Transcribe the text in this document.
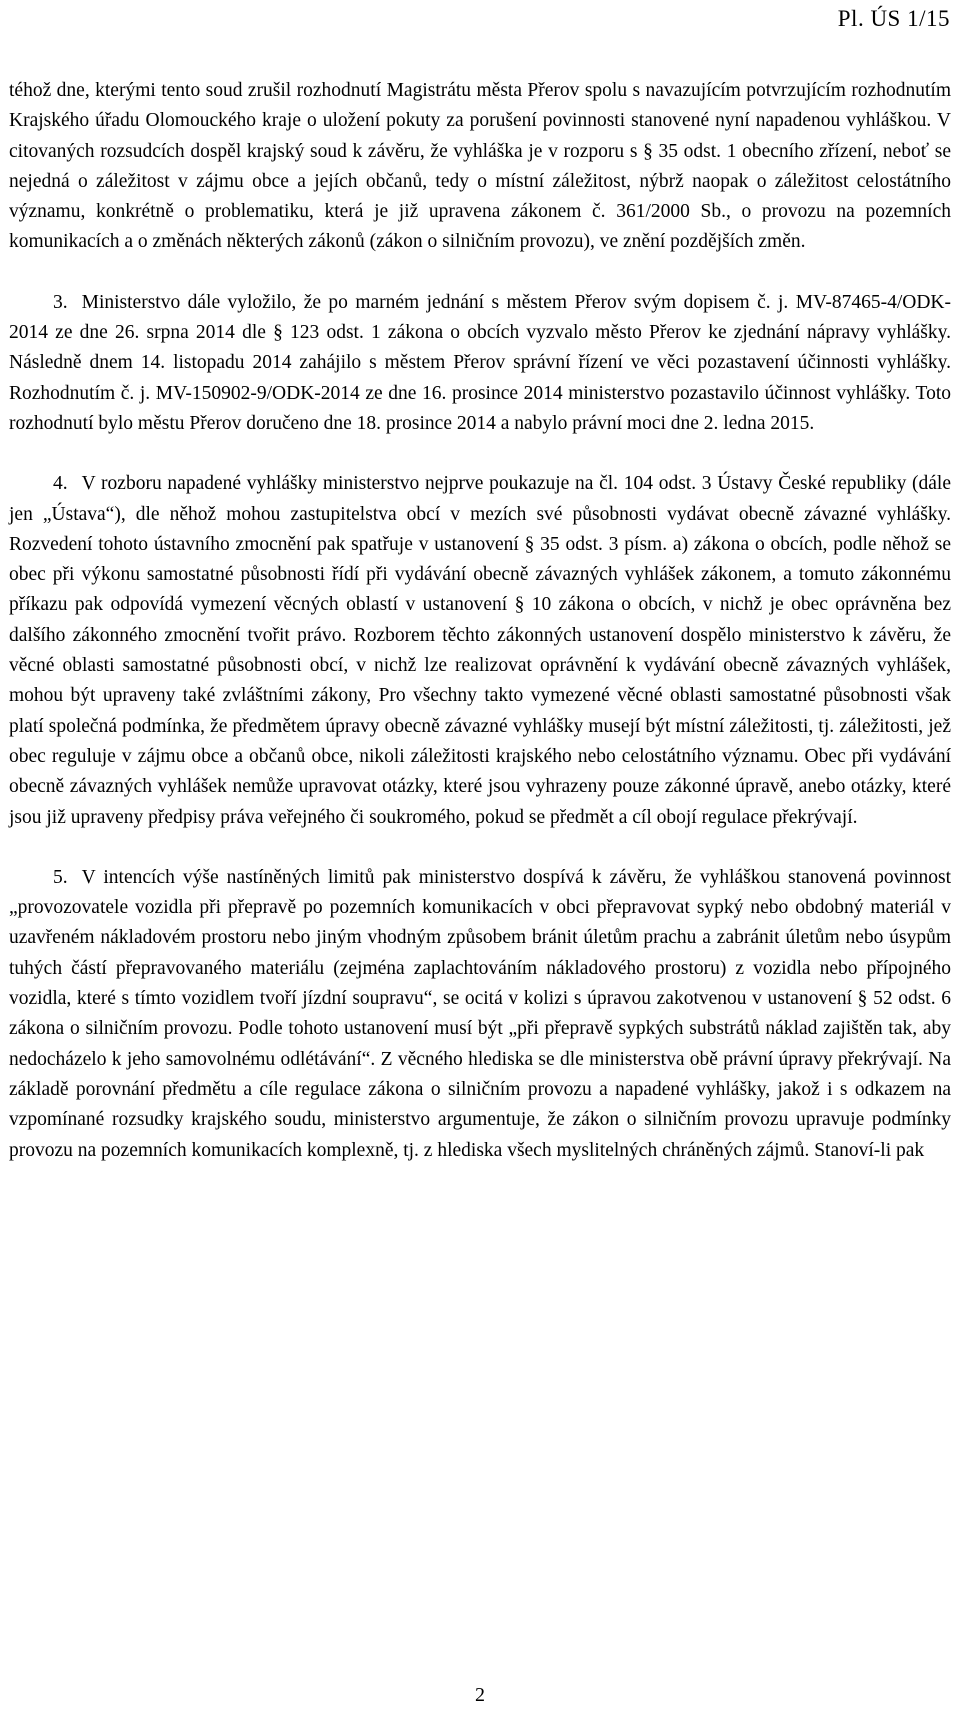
Pl. ÚS 1/15

téhož dne, kterými tento soud zrušil rozhodnutí Magistrátu města Přerov spolu s navazujícím potvrzujícím rozhodnutím Krajského úřadu Olomouckého kraje o uložení pokuty za porušení povinnosti stanovené nyní napadenou vyhláškou. V citovaných rozsudcích dospěl krajský soud k závěru, že vyhláška je v rozporu s § 35 odst. 1 obecního zřízení, neboť se nejedná o záležitost v zájmu obce a jejích občanů, tedy o místní záležitost, nýbrž naopak o záležitost celostátního významu, konkrétně o problematiku, která je již upravena zákonem č. 361/2000 Sb., o provozu na pozemních komunikacích a o změnách některých zákonů (zákon o silničním provozu), ve znění pozdějších změn.

3. Ministerstvo dále vyložilo, že po marném jednání s městem Přerov svým dopisem č. j. MV-87465-4/ODK-2014 ze dne 26. srpna 2014 dle § 123 odst. 1 zákona o obcích vyzvalo město Přerov ke zjednání nápravy vyhlášky. Následně dnem 14. listopadu 2014 zahájilo s městem Přerov správní řízení ve věci pozastavení účinnosti vyhlášky. Rozhodnutím č. j. MV-150902-9/ODK-2014 ze dne 16. prosince 2014 ministerstvo pozastavilo účinnost vyhlášky. Toto rozhodnutí bylo městu Přerov doručeno dne 18. prosince 2014 a nabylo právní moci dne 2. ledna 2015.

4. V rozboru napadené vyhlášky ministerstvo nejprve poukazuje na čl. 104 odst. 3 Ústavy České republiky (dále jen „Ústava“), dle něhož mohou zastupitelstva obcí v mezích své působnosti vydávat obecně závazné vyhlášky. Rozvedení tohoto ústavního zmocnění pak spatřuje v ustanovení § 35 odst. 3 písm. a) zákona o obcích, podle něhož se obec při výkonu samostatné působnosti řídí při vydávání obecně závazných vyhlášek zákonem, a tomuto zákonnému příkazu pak odpovídá vymezení věcných oblastí v ustanovení § 10 zákona o obcích, v nichž je obec oprávněna bez dalšího zákonného zmocnění tvořit právo. Rozborem těchto zákonných ustanovení dospělo ministerstvo k závěru, že věcné oblasti samostatné působnosti obcí, v nichž lze realizovat oprávnění k vydávání obecně závazných vyhlášek, mohou být upraveny také zvláštními zákony, Pro všechny takto vymezené věcné oblasti samostatné působnosti však platí společná podmínka, že předmětem úpravy obecně závazné vyhlášky musejí být místní záležitosti, tj. záležitosti, jež obec reguluje v zájmu obce a občanů obce, nikoli záležitosti krajského nebo celostátního významu. Obec při vydávání obecně závazných vyhlášek nemůže upravovat otázky, které jsou vyhrazeny pouze zákonné úpravě, anebo otázky, které jsou již upraveny předpisy práva veřejného či soukromého, pokud se předmět a cíl obojí regulace překrývají.

5. V intencích výše nastíněných limitů pak ministerstvo dospívá k závěru, že vyhláškou stanovená povinnost „provozovatele vozidla při přepravě po pozemních komunikacích v obci přepravovat sypký nebo obdobný materiál v uzavřeném nákladovém prostoru nebo jiným vhodným způsobem bránit úletům prachu a zabránit úletům nebo úsypům tuhých částí přepravovaného materiálu (zejména zaplachtováním nákladového prostoru) z vozidla nebo přípojného vozidla, které s tímto vozidlem tvoří jízdní soupravu“, se ocitá v kolizi s úpravou zakotvenou v ustanovení § 52 odst. 6 zákona o silničním provozu. Podle tohoto ustanovení musí být „při přepravě sypkých substrátů náklad zajištěn tak, aby nedocházelo k jeho samovolnému odlétávání“. Z věcného hlediska se dle ministerstva obě právní úpravy překrývají. Na základě porovnání předmětu a cíle regulace zákona o silničním provozu a napadené vyhlášky, jakož i s odkazem na vzpomínané rozsudky krajského soudu, ministerstvo argumentuje, že zákon o silničním provozu upravuje podmínky provozu na pozemních komunikacích komplexně, tj. z hlediska všech myslitelných chráněných zájmů. Stanoví-li pak

2
